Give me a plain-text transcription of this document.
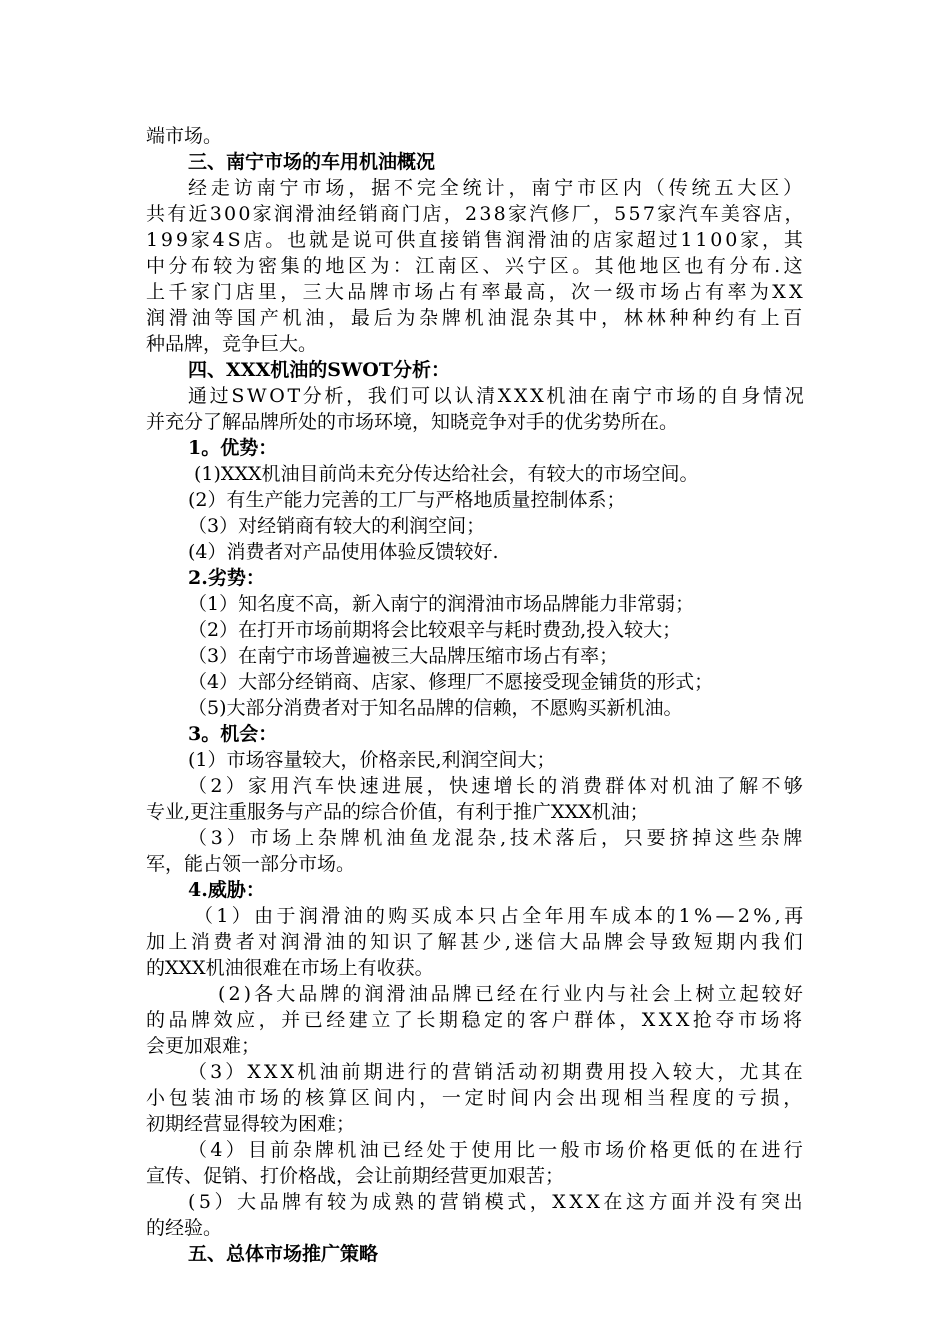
端市场。
三、南宁市场的车用机油概况
经走访南宁市场，据不完全统计，南宁市区内（传统五大区）
共有近300家润滑油经销商门店，238家汽修厂，557家汽车美容店，
199家4S店。也就是说可供直接销售润滑油的店家超过1100家，其
中分布较为密集的地区为：江南区、兴宁区。其他地区也有分布.这
上千家门店里，三大品牌市场占有率最高，次一级市场占有率为XX
润滑油等国产机油，最后为杂牌机油混杂其中，林林种种约有上百
种品牌，竞争巨大。
四、XXX机油的SWOT分析：
通过SWOT分析，我们可以认清XXX机油在南宁市场的自身情况
并充分了解品牌所处的市场环境，知晓竞争对手的优劣势所在。
1。优势：
(1)XXX机油目前尚未充分传达给社会，有较大的市场空间。
(2）有生产能力完善的工厂与严格地质量控制体系；
（3）对经销商有较大的利润空间；
(4）消费者对产品使用体验反馈较好.
2.劣势：
（1）知名度不高，新入南宁的润滑油市场品牌能力非常弱；
（2）在打开市场前期将会比较艰辛与耗时费劲,投入较大；
（3）在南宁市场普遍被三大品牌压缩市场占有率；
（4）大部分经销商、店家、修理厂不愿接受现金铺货的形式；
（5)大部分消费者对于知名品牌的信赖，不愿购买新机油。
3。机会：
(1）市场容量较大，价格亲民,利润空间大；
（2）家用汽车快速进展，快速增长的消费群体对机油了解不够
专业,更注重服务与产品的综合价值，有利于推广XXX机油；
（3）市场上杂牌机油鱼龙混杂,技术落后，只要挤掉这些杂牌
军，能占领一部分市场。
4.威胁：
（1）由于润滑油的购买成本只占全年用车成本的1%—2%,再
加上消费者对润滑油的知识了解甚少,迷信大品牌会导致短期内我们
的XXX机油很难在市场上有收获。
(2)各大品牌的润滑油品牌已经在行业内与社会上树立起较好
的品牌效应，并已经建立了长期稳定的客户群体，XXX抢夺市场将
会更加艰难；
（3）XXX机油前期进行的营销活动初期费用投入较大，尤其在
小包装油市场的核算区间内，一定时间内会出现相当程度的亏损，
初期经营显得较为困难；
（4）目前杂牌机油已经处于使用比一般市场价格更低的在进行
宣传、促销、打价格战，会让前期经营更加艰苦；
(5）大品牌有较为成熟的营销模式，XXX在这方面并没有突出
的经验。
五、总体市场推广策略
